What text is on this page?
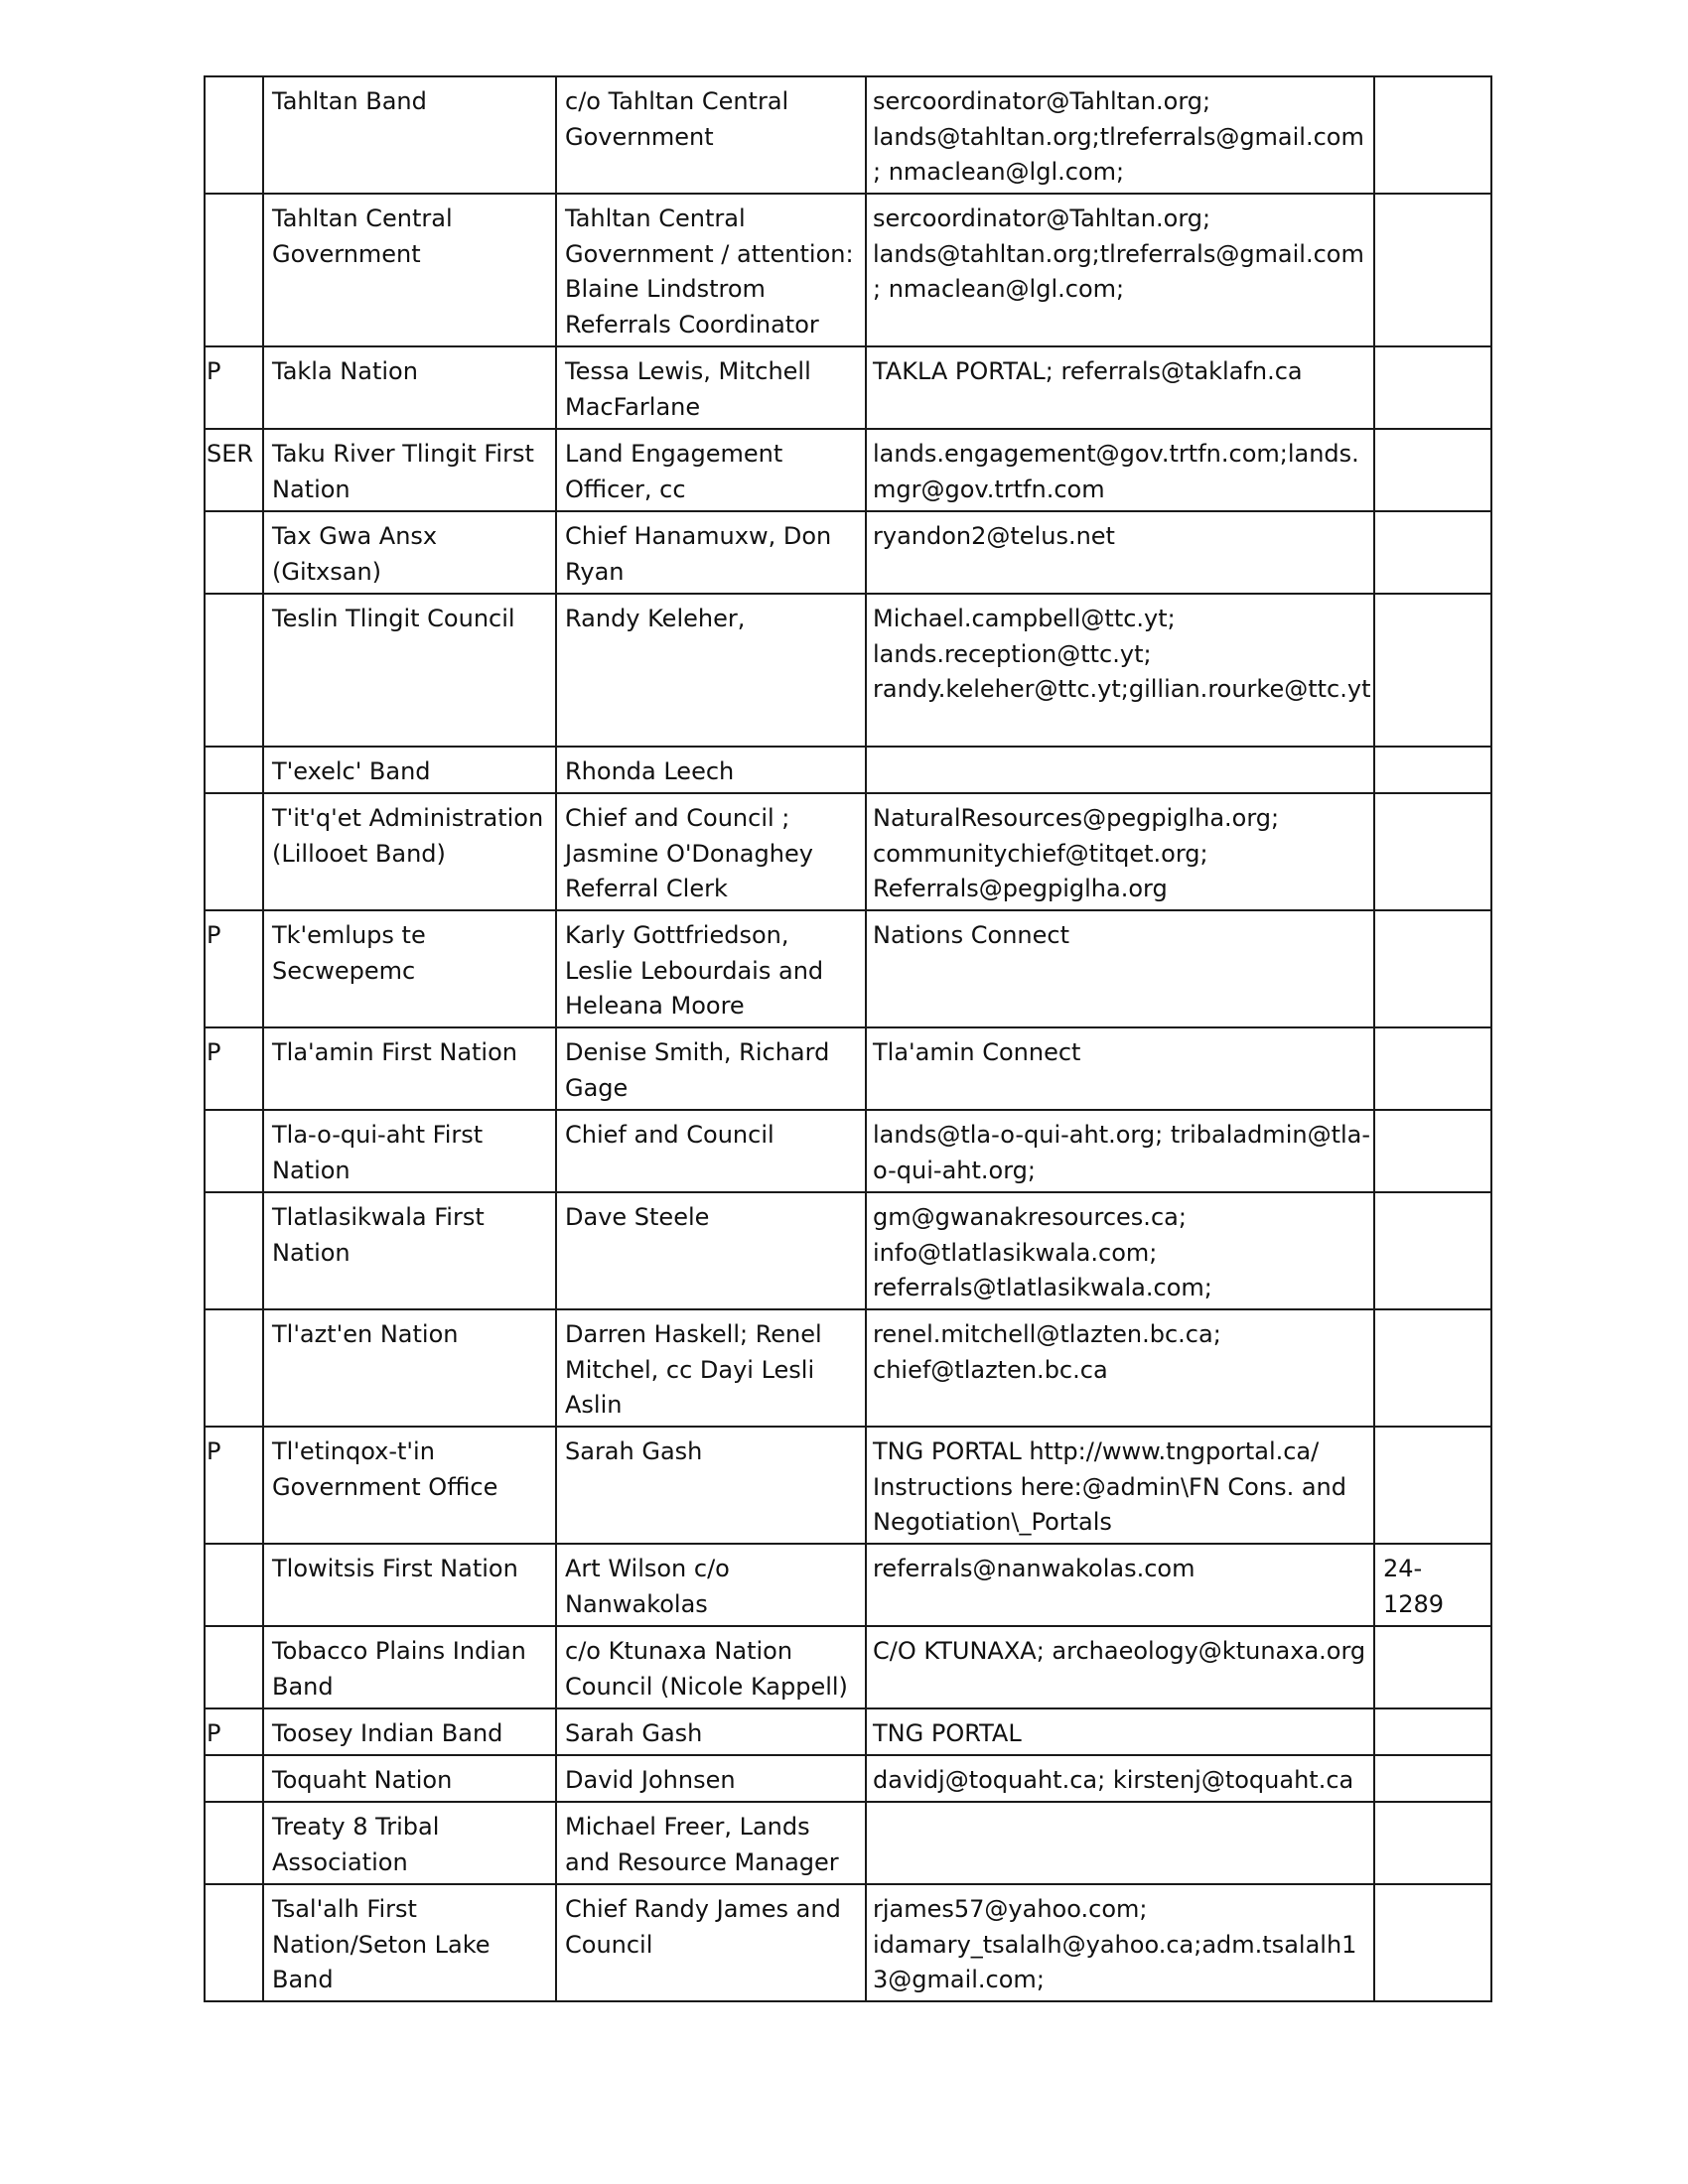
	Tahltan Band	c/o Tahltan Central Government	sercoordinator@Tahltan.org; lands@tahltan.org;tlreferrals@gmail.com; nmaclean@lgl.com;	
	Tahltan Central Government	Tahltan Central Government / attention: Blaine Lindstrom Referrals Coordinator	sercoordinator@Tahltan.org; lands@tahltan.org;tlreferrals@gmail.com; nmaclean@lgl.com;	
P	Takla Nation	Tessa Lewis, Mitchell MacFarlane	TAKLA PORTAL; referrals@taklafn.ca	
SER	Taku River Tlingit First Nation	Land Engagement Officer, cc	lands.engagement@gov.trtfn.com;lands.mgr@gov.trtfn.com	
	Tax Gwa Ansx (Gitxsan)	Chief Hanamuxw, Don Ryan	ryandon2@telus.net	
	Teslin Tlingit Council	Randy Keleher,	Michael.campbell@ttc.yt; lands.reception@ttc.yt; randy.keleher@ttc.yt;gillian.rourke@ttc.yt	
	T'exelc' Band	Rhonda Leech		
	T'it'q'et Administration (Lillooet Band)	Chief and Council ; Jasmine O'Donaghey Referral Clerk	NaturalResources@pegpiglha.org; communitychief@titqet.org; Referrals@pegpiglha.org	
P	Tk'emlups te Secwepemc	Karly Gottfriedson, Leslie Lebourdais and Heleana Moore	Nations Connect	
P	Tla'amin First Nation	Denise Smith, Richard Gage	Tla'amin Connect	
	Tla-o-qui-aht First Nation	Chief and Council	lands@tla-o-qui-aht.org; tribaladmin@tla-o-qui-aht.org;	
	Tlatlasikwala First Nation	Dave Steele	gm@gwanakresources.ca; info@tlatlasikwala.com; referrals@tlatlasikwala.com;	
	Tl'azt'en Nation	Darren Haskell; Renel Mitchel, cc Dayi Lesli Aslin	renel.mitchell@tlazten.bc.ca; chief@tlazten.bc.ca	
P	Tl'etinqox-t'in Government Office	Sarah Gash	TNG PORTAL http://www.tngportal.ca/ Instructions here:@admin\FN Cons. and Negotiation\_Portals	
	Tlowitsis First Nation	Art Wilson c/o Nanwakolas	referrals@nanwakolas.com	24-1289
	Tobacco Plains Indian Band	c/o Ktunaxa Nation Council (Nicole Kappell)	C/O KTUNAXA; archaeology@ktunaxa.org	
P	Toosey Indian Band	Sarah Gash	TNG PORTAL	
	Toquaht Nation	David Johnsen	davidj@toquaht.ca; kirstenj@toquaht.ca	
	Treaty 8 Tribal Association	Michael Freer, Lands and Resource Manager		
	Tsal'alh First Nation/Seton Lake Band	Chief Randy James and Council	rjames57@yahoo.com; idamary_tsalalh@yahoo.ca;adm.tsalalh13@gmail.com;	
